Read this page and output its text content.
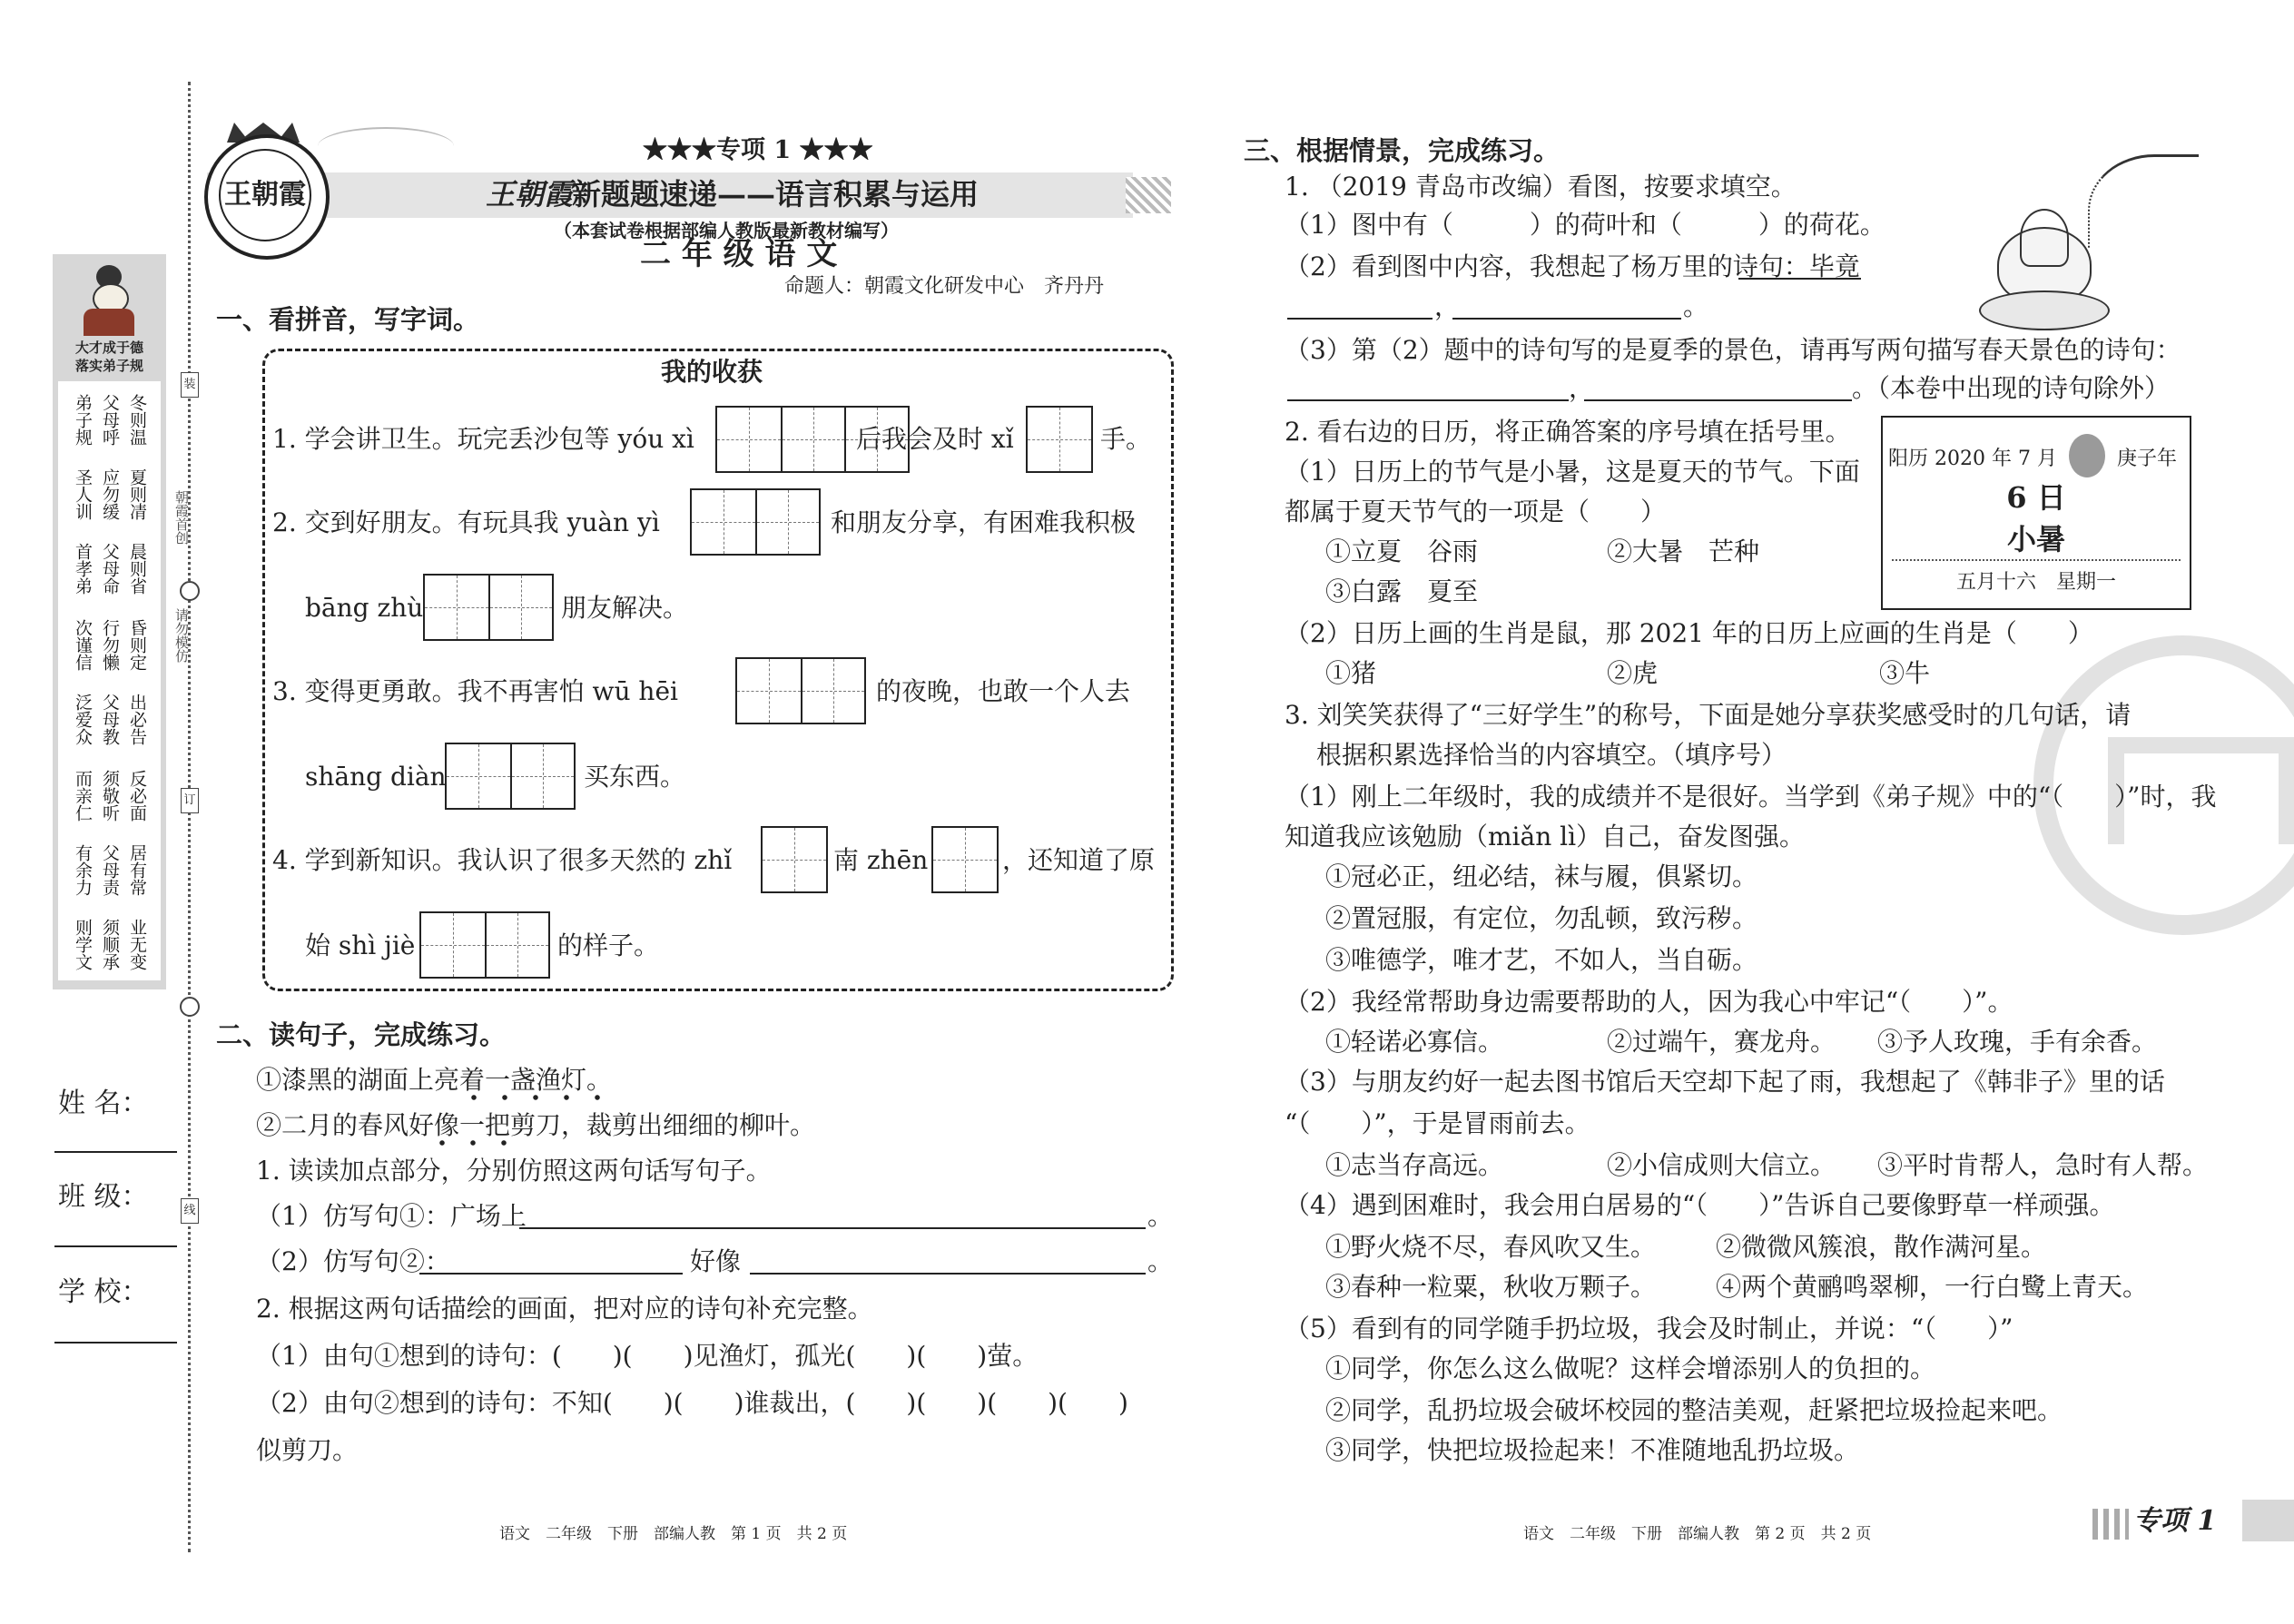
装
订
线
朝霞首创
请勿模仿
大才成于德
落实弟子规
冬则温
父母呼
弟子规
夏则凊
应勿缓
圣人训
晨则省
父母命
首孝弟
昏则定
行勿懒
次谨信
出必告
父母教
泛爱众
反必面
须敬听
而亲仁
居有常
父母责
有余力
业无变
须顺承
则学文
姓 名：
班 级：
学 校：
王朝霞
★★★专项 1 ★★★
王朝霞
新题题速递——语言积累与运用
（本套试卷根据部编人教版最新教材编写）
二 年 级 语 文
命题人：朝霞文化研发中心　齐丹丹
一、看拼音，写字词。
我的收获
1. 学会讲卫生。玩完丢沙包等 yóu xì	后我会及时 xǐ	手。
2. 交到好朋友。有玩具我 yuàn yì	和朋友分享，有困难我积极
bāng zhù	朋友解决。
3. 变得更勇敢。我不再害怕 wū hēi	的夜晚，也敢一个人去
shāng diàn	买东西。
4. 学到新知识。我认识了很多天然的 zhǐ	南 zhēn	，还知道了原
始 shì jiè	的样子。
二、读句子，完成练习。
①漆黑的湖面上亮着一盏渔灯。
②二月的春风好像一把剪刀，裁剪出细细的柳叶。
1. 读读加点部分，分别仿照这两句话写句子。
（1）仿写句①：广场上	。
（2）仿写句②：	好像	。
2. 根据这两句话描绘的画面，把对应的诗句补充完整。
（1）由句①想到的诗句：(　　)(　　)见渔灯，孤光(　　)(　　)萤。
（2）由句②想到的诗句：不知(　　)(　　)谁裁出，(　　)(　　)(　　)(　　)
似剪刀。
语文　二年级　下册　部编人教　第 1 页　共 2 页
三、根据情景，完成练习。
1. （2019 青岛市改编）看图，按要求填空。
（1）图中有（　　　）的荷叶和（　　　）的荷花。
（2）看到图中内容，我想起了杨万里的诗句：毕竟
，	。
（3）第（2）题中的诗句写的是夏季的景色，请再写两句描写春天景色的诗句：
，	。（本卷中出现的诗句除外）
2. 看右边的日历，将正确答案的序号填在括号里。
（1）日历上的节气是小暑，这是夏天的节气。下面
都属于夏天节气的一项是（　　）
①立夏　谷雨	②大暑　芒种
③白露　夏至
阳历 2020 年 7 月	庚子年
6 日
小暑
五月十六　星期一
（2）日历上画的生肖是鼠，那 2021 年的日历上应画的生肖是（　　）
①猪	②虎	③牛
3. 刘笑笑获得了“三好学生”的称号，下面是她分享获奖感受时的几句话，请
根据积累选择恰当的内容填空。（填序号）
（1）刚上二年级时，我的成绩并不是很好。当学到《弟子规》中的“（　　）”时，我
知道我应该勉励（miǎn lì）自己，奋发图强。
①冠必正，纽必结，袜与履，俱紧切。
②置冠服，有定位，勿乱顿，致污秽。
③唯德学，唯才艺，不如人，当自砺。
（2）我经常帮助身边需要帮助的人，因为我心中牢记“（　　）”。
①轻诺必寡信。	②过端午，赛龙舟。 ③予人玫瑰，手有余香。
（3）与朋友约好一起去图书馆后天空却下起了雨，我想起了《韩非子》里的话
“（　　）”，于是冒雨前去。
①志当存高远。	②小信成则大信立。 ③平时肯帮人，急时有人帮。
（4）遇到困难时，我会用白居易的“（　　）”告诉自己要像野草一样顽强。
①野火烧不尽，春风吹又生。 ②微微风簇浪，散作满河星。
③春种一粒粟，秋收万颗子。 ④两个黄鹂鸣翠柳，一行白鹭上青天。
（5）看到有的同学随手扔垃圾，我会及时制止，并说：“（　　）”
①同学，你怎么这么做呢？这样会增添别人的负担的。
②同学，乱扔垃圾会破坏校园的整洁美观，赶紧把垃圾捡起来吧。
③同学，快把垃圾捡起来！不准随地乱扔垃圾。
语文　二年级　下册　部编人教　第 2 页　共 2 页	专项 1
